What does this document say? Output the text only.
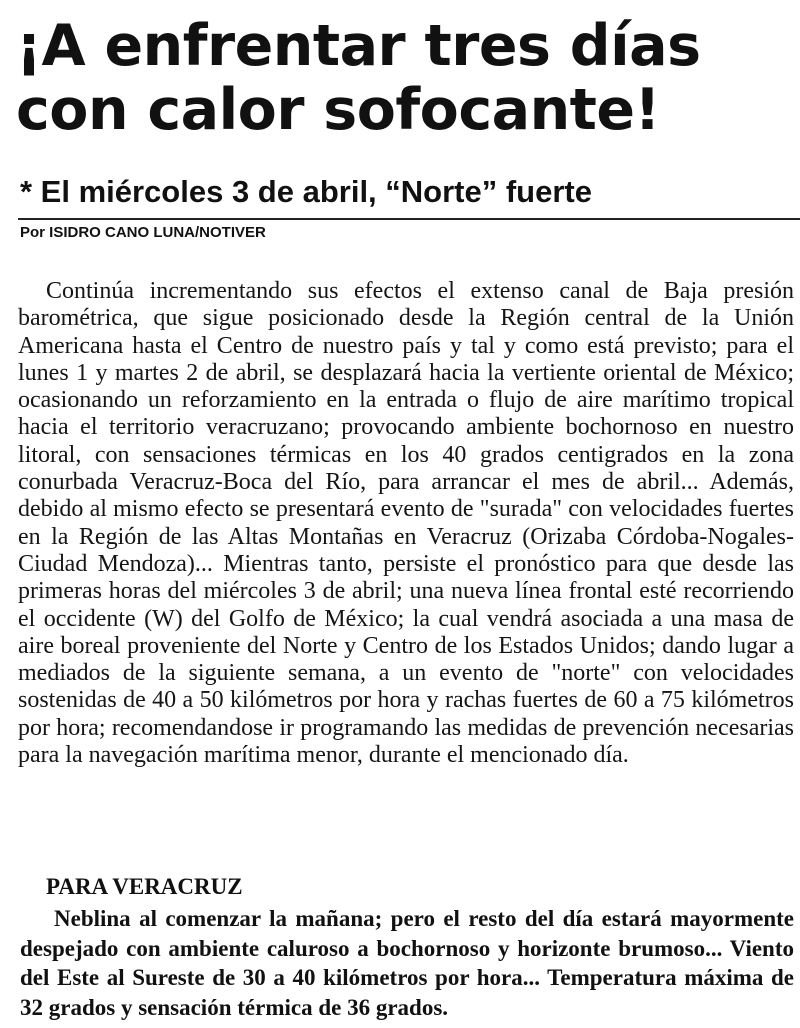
¡A enfrentar tres días con calor sofocante!
* El miércoles 3 de abril, “Norte” fuerte

Por ISIDRO CANO LUNA/NOTIVER

Continúa incrementando sus efectos el extenso canal de Baja presión barométrica, que sigue posicionado desde la Región central de la Unión Americana hasta el Centro de nuestro país y tal y como está previsto; para el lunes 1 y martes 2 de abril, se desplazará hacia la vertiente oriental de México; ocasionando un reforzamiento en la entrada o flujo de aire marítimo tropical hacia el territorio veracruzano; provocando ambiente bochornoso en nuestro litoral, con sensaciones térmicas en los 40 grados centigrados en la zona conurbada Veracruz-Boca del Río, para arrancar el mes de abril... Además, debido al mismo efecto se presentará evento de "surada" con velocidades fuertes en la Región de las Altas Montañas en Veracruz (Orizaba Córdoba-Nogales-Ciudad Mendoza)... Mientras tanto, persiste el pronóstico para que desde las primeras horas del miércoles 3 de abril; una nueva línea frontal esté recorriendo el occidente (W) del Golfo de México; la cual vendrá asociada a una masa de aire boreal proveniente del Norte y Centro de los Estados Unidos; dando lugar a mediados de la siguiente semana, a un evento de "norte" con velocidades sostenidas de 40 a 50 kilómetros por hora y rachas fuertes de 60 a 75 kilómetros por hora; recomendandose ir programando las medidas de prevención necesarias para la navegación marítima menor, durante el mencionado día.

PARA VERACRUZ

Neblina al comenzar la mañana; pero el resto del día estará mayormente despejado con ambiente caluroso a bochornoso y horizonte brumoso... Viento del Este al Sureste de 30 a 40 kilómetros por hora... Temperatura máxima de 32 grados y sensación térmica de 36 grados.
